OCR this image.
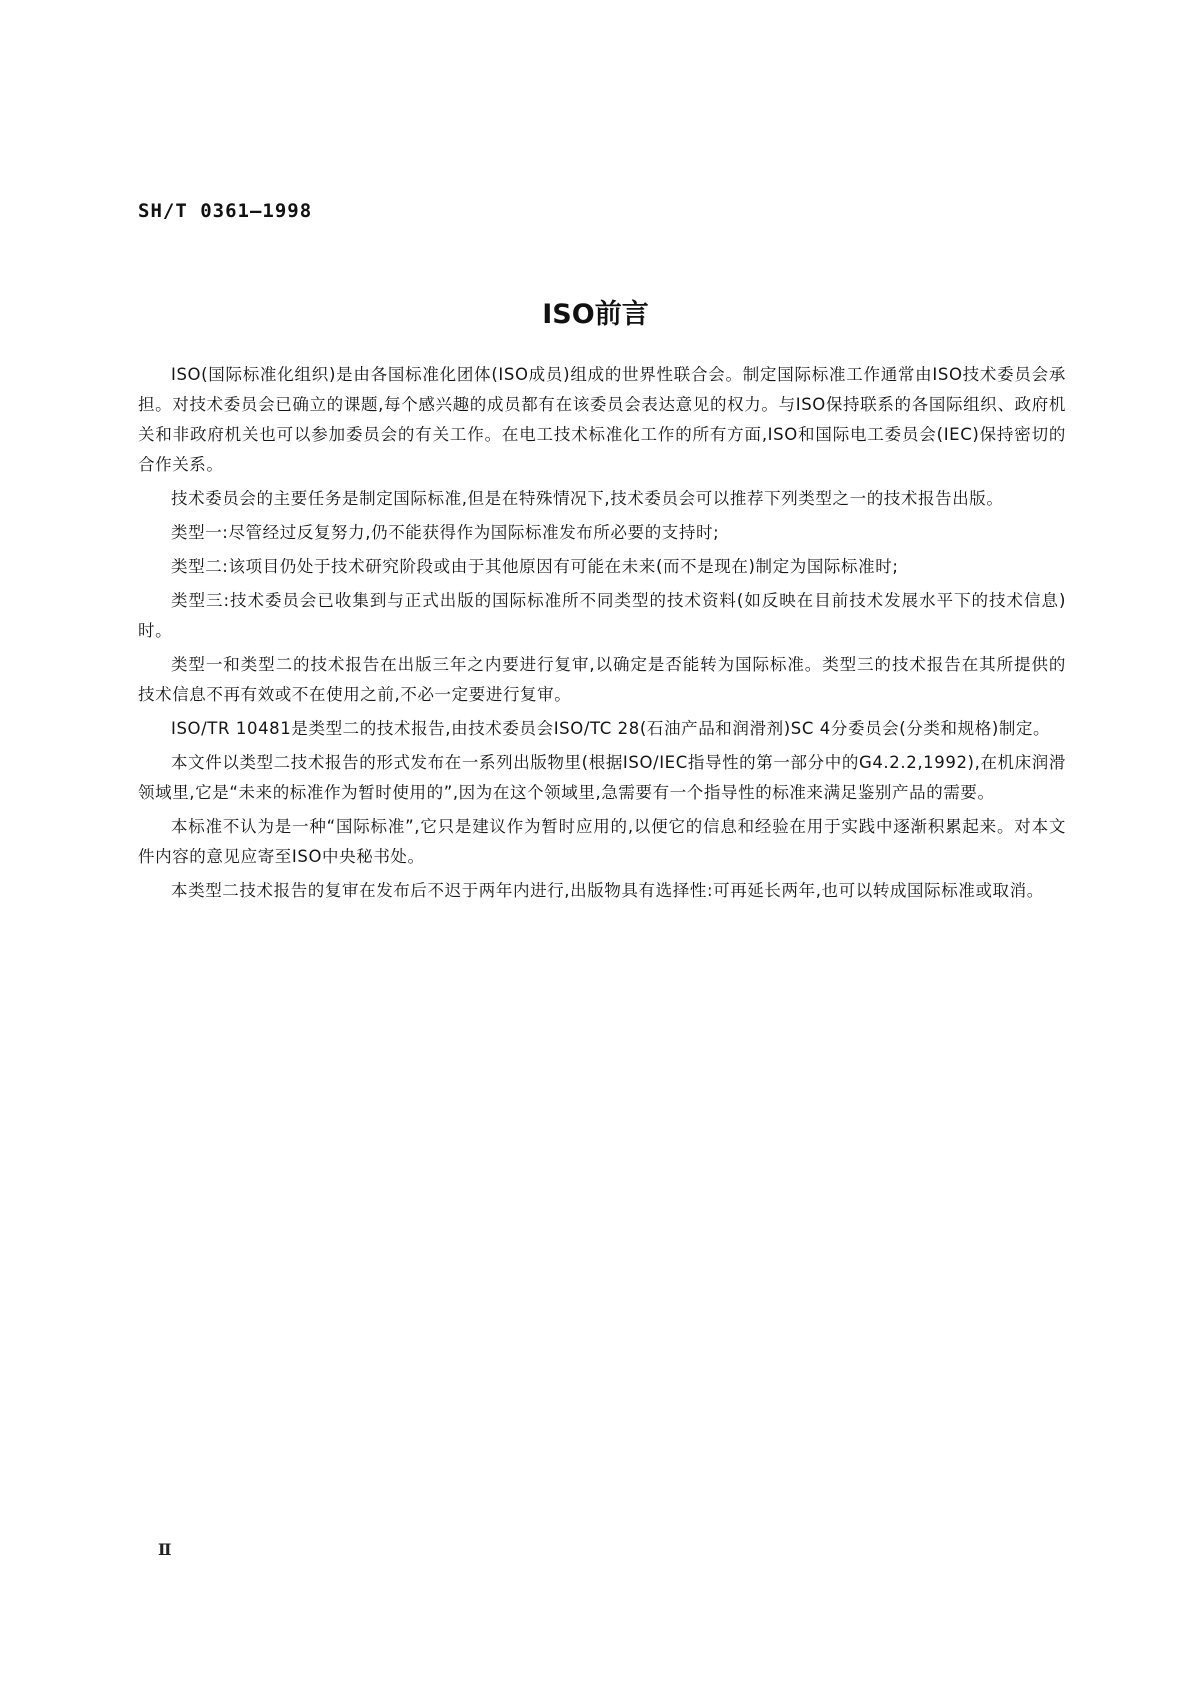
SH/T 0361—1998
ISO前言

ISO(国际标准化组织)是由各国标准化团体(ISO成员)组成的世界性联合会。制定国际标准工作通常由ISO技术委员会承担。对技术委员会已确立的课题,每个感兴趣的成员都有在该委员会表达意见的权力。与ISO保持联系的各国际组织、政府机关和非政府机关也可以参加委员会的有关工作。在电工技术标准化工作的所有方面,ISO和国际电工委员会(IEC)保持密切的合作关系。

技术委员会的主要任务是制定国际标准,但是在特殊情况下,技术委员会可以推荐下列类型之一的技术报告出版。

类型一:尽管经过反复努力,仍不能获得作为国际标准发布所必要的支持时;

类型二:该项目仍处于技术研究阶段或由于其他原因有可能在未来(而不是现在)制定为国际标准时;

类型三:技术委员会已收集到与正式出版的国际标准所不同类型的技术资料(如反映在目前技术发展水平下的技术信息)时。

类型一和类型二的技术报告在出版三年之内要进行复审,以确定是否能转为国际标准。类型三的技术报告在其所提供的技术信息不再有效或不在使用之前,不必一定要进行复审。

ISO/TR 10481是类型二的技术报告,由技术委员会ISO/TC 28(石油产品和润滑剂)SC 4分委员会(分类和规格)制定。

本文件以类型二技术报告的形式发布在一系列出版物里(根据ISO/IEC指导性的第一部分中的G4.2.2,1992),在机床润滑领域里,它是“未来的标准作为暂时使用的”,因为在这个领域里,急需要有一个指导性的标准来满足鉴别产品的需要。

本标准不认为是一种“国际标准”,它只是建议作为暂时应用的,以便它的信息和经验在用于实践中逐渐积累起来。对本文件内容的意见应寄至ISO中央秘书处。

本类型二技术报告的复审在发布后不迟于两年内进行,出版物具有选择性:可再延长两年,也可以转成国际标准或取消。

Ⅱ
